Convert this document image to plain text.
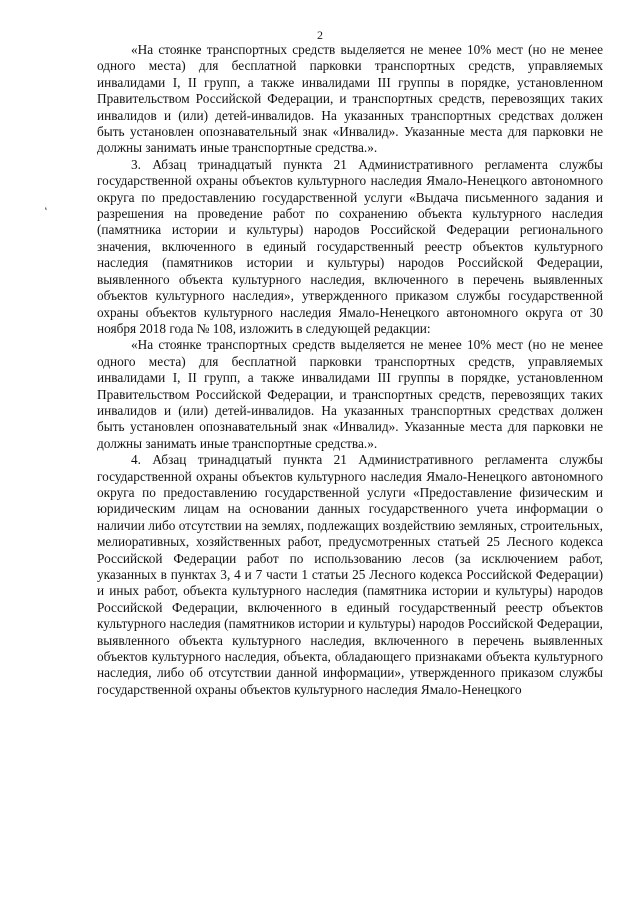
2
ʻ

«На стоянке транспортных средств выделяется не менее 10% мест (но не менее одного места) для бесплатной парковки транспортных средств, управляемых инвалидами I, II групп, а также инвалидами III группы в порядке, установленном Правительством Российской Федерации, и транспортных средств, перевозящих таких инвалидов и (или) детей-инвалидов. На указанных транспортных средствах должен быть установлен опознавательный знак «Инвалид». Указанные места для парковки не должны занимать иные транспортные средства.».

3. Абзац тринадцатый пункта 21 Административного регламента службы государственной охраны объектов культурного наследия Ямало-Ненецкого автономного округа по предоставлению государственной услуги «Выдача письменного задания и разрешения на проведение работ по сохранению объекта культурного наследия (памятника истории и культуры) народов Российской Федерации регионального значения, включенного в единый государственный реестр объектов культурного наследия (памятников истории и культуры) народов Российской Федерации, выявленного объекта культурного наследия, включенного в перечень выявленных объектов культурного наследия», утвержденного приказом службы государственной охраны объектов культурного наследия Ямало-Ненецкого автономного округа от 30 ноября 2018 года № 108, изложить в следующей редакции:

«На стоянке транспортных средств выделяется не менее 10% мест (но не менее одного места) для бесплатной парковки транспортных средств, управляемых инвалидами I, II групп, а также инвалидами III группы в порядке, установленном Правительством Российской Федерации, и транспортных средств, перевозящих таких инвалидов и (или) детей-инвалидов. На указанных транспортных средствах должен быть установлен опознавательный знак «Инвалид». Указанные места для парковки не должны занимать иные транспортные средства.».

4. Абзац тринадцатый пункта 21 Административного регламента службы государственной охраны объектов культурного наследия Ямало-Ненецкого автономного округа по предоставлению государственной услуги «Предоставление физическим и юридическим лицам на основании данных государственного учета информации о наличии либо отсутствии на землях, подлежащих воздействию земляных, строительных, мелиоративных, хозяйственных работ, предусмотренных статьей 25 Лесного кодекса Российской Федерации работ по использованию лесов (за исключением работ, указанных в пунктах 3, 4 и 7 части 1 статьи 25 Лесного кодекса Российской Федерации) и иных работ, объекта культурного наследия (памятника истории и культуры) народов Российской Федерации, включенного в единый государственный реестр объектов культурного наследия (памятников истории и культуры) народов Российской Федерации, выявленного объекта культурного наследия, включенного в перечень выявленных объектов культурного наследия, объекта, обладающего признаками объекта культурного наследия, либо об отсутствии данной информации», утвержденного приказом службы государственной охраны объектов культурного наследия Ямало-Ненецкого
